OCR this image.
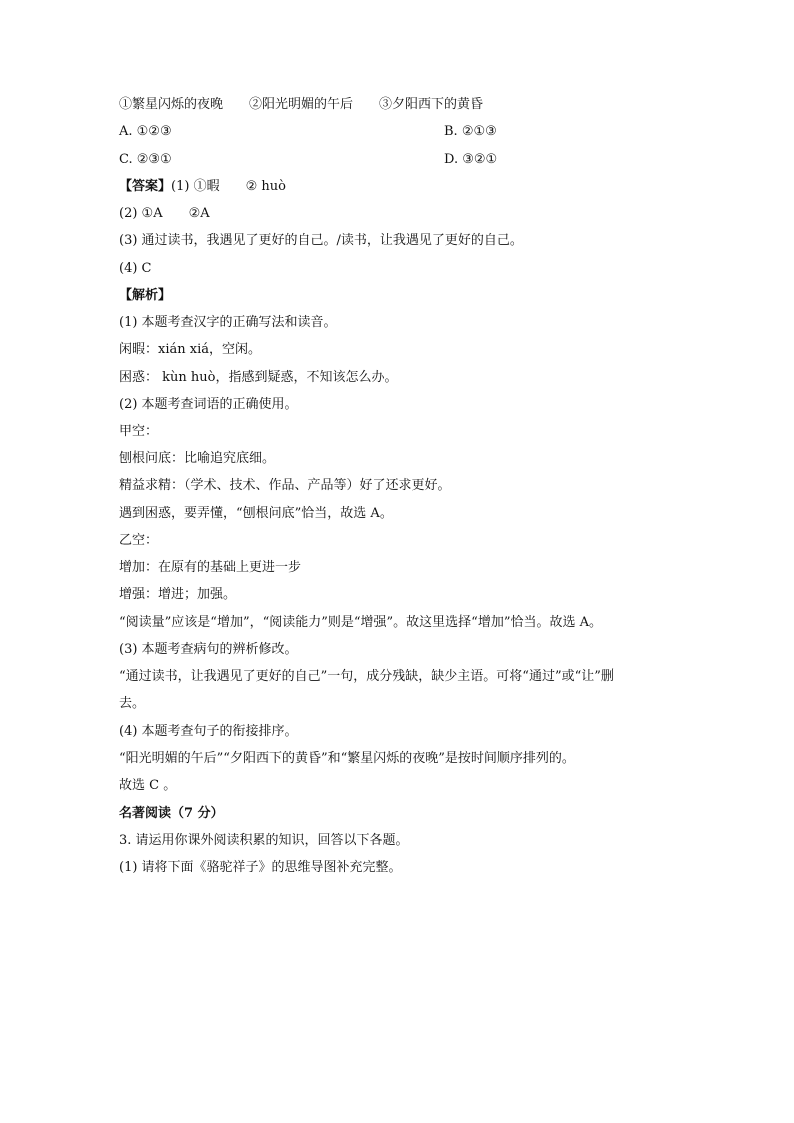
①繁星闪烁的夜晚 ②阳光明媚的午后 ③夕阳西下的黄昏
A. ①②③	B. ②①③
C. ②③①	D. ③②①
【答案】(1) ①暇 ② huò
(2) ①A ②A
(3) 通过读书，我遇见了更好的自己。/读书，让我遇见了更好的自己。
(4) C
【解析】
(1) 本题考查汉字的正确写法和读音。
闲暇：xián xiá，空闲。
困惑： kùn huò，指感到疑惑，不知该怎么办。
(2) 本题考查词语的正确使用。
甲空：
刨根问底：比喻追究底细。
精益求精：（学术、技术、作品、产品等）好了还求更好。
遇到困惑，要弄懂，“刨根问底”恰当，故选 A。
乙空：
增加：在原有的基础上更进一步
增强：增进；加强。
“阅读量”应该是“增加”，“阅读能力”则是“增强”。故这里选择“增加”恰当。故选 A。
(3) 本题考查病句的辨析修改。
“通过读书，让我遇见了更好的自己”一句，成分残缺，缺少主语。可将“通过”或“让”删
去。
(4) 本题考查句子的衔接排序。
“阳光明媚的午后”“夕阳西下的黄昏”和“繁星闪烁的夜晚”是按时间顺序排列的。
故选 C 。
名著阅读（7 分）
3. 请运用你课外阅读积累的知识，回答以下各题。
(1) 请将下面《骆驼祥子》的思维导图补充完整。
